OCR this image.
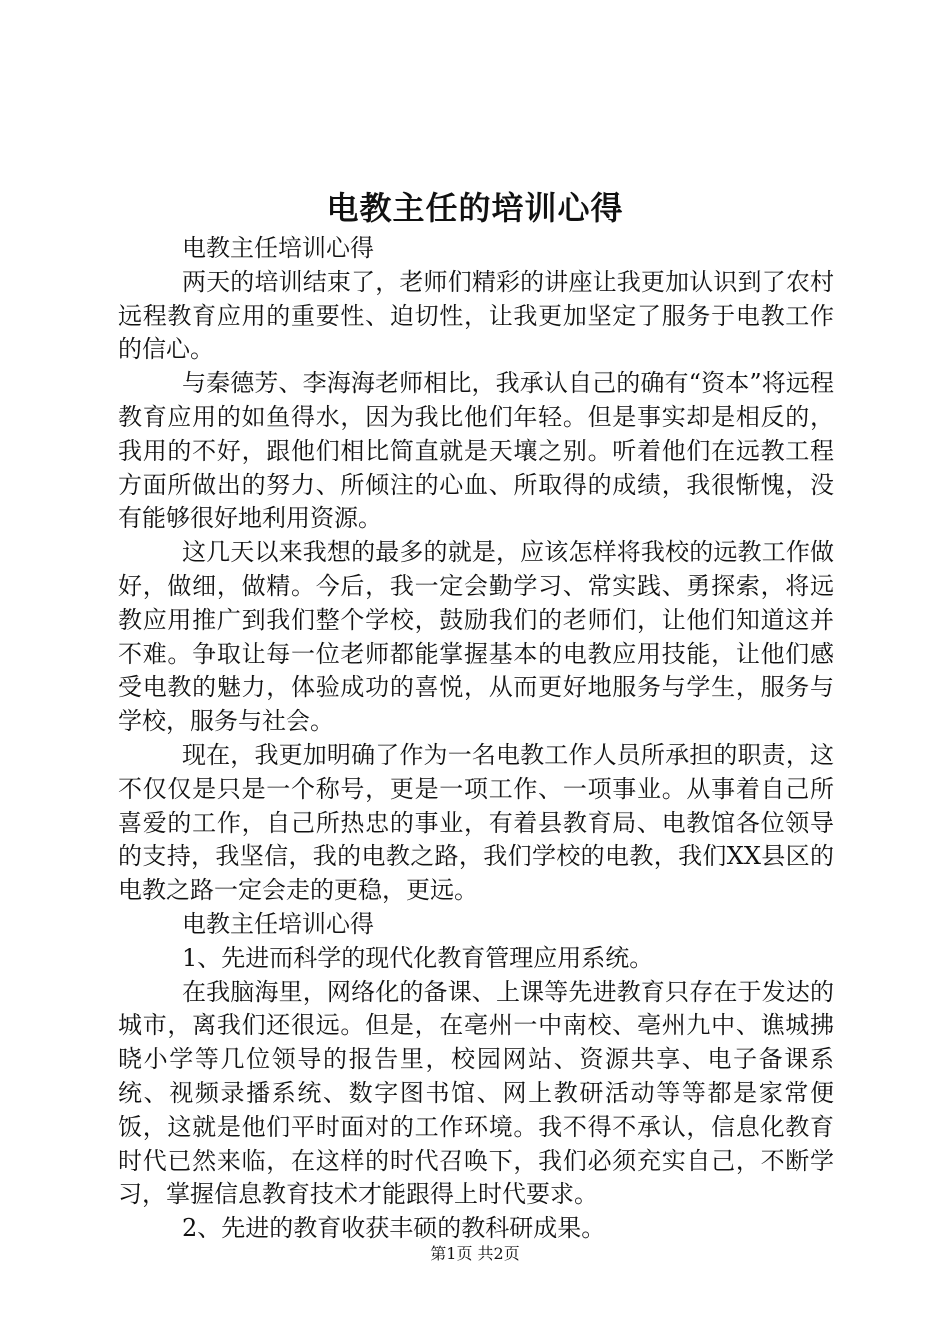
电教主任的培训心得

电教主任培训心得

两天的培训结束了，老师们精彩的讲座让我更加认识到了农村远程教育应用的重要性、迫切性，让我更加坚定了服务于电教工作的信心。

与秦德芳、李海海老师相比，我承认自己的确有“资本”将远程教育应用的如鱼得水，因为我比他们年轻。但是事实却是相反的，我用的不好，跟他们相比简直就是天壤之别。听着他们在远教工程方面所做出的努力、所倾注的心血、所取得的成绩，我很惭愧，没有能够很好地利用资源。

这几天以来我想的最多的就是，应该怎样将我校的远教工作做好，做细，做精。今后，我一定会勤学习、常实践、勇探索，将远教应用推广到我们整个学校，鼓励我们的老师们，让他们知道这并不难。争取让每一位老师都能掌握基本的电教应用技能，让他们感受电教的魅力，体验成功的喜悦，从而更好地服务与学生，服务与学校，服务与社会。

现在，我更加明确了作为一名电教工作人员所承担的职责，这不仅仅是只是一个称号，更是一项工作、一项事业。从事着自己所喜爱的工作，自己所热忠的事业，有着县教育局、电教馆各位领导的支持，我坚信，我的电教之路，我们学校的电教，我们XX县区的电教之路一定会走的更稳，更远。

电教主任培训心得

1、先进而科学的现代化教育管理应用系统。

在我脑海里，网络化的备课、上课等先进教育只存在于发达的城市，离我们还很远。但是，在亳州一中南校、亳州九中、谯城拂晓小学等几位领导的报告里，校园网站、资源共享、电子备课系统、视频录播系统、数字图书馆、网上教研活动等等都是家常便饭，这就是他们平时面对的工作环境。我不得不承认，信息化教育时代已然来临，在这样的时代召唤下，我们必须充实自己，不断学习，掌握信息教育技术才能跟得上时代要求。

2、先进的教育收获丰硕的教科研成果。

第1页 共2页
